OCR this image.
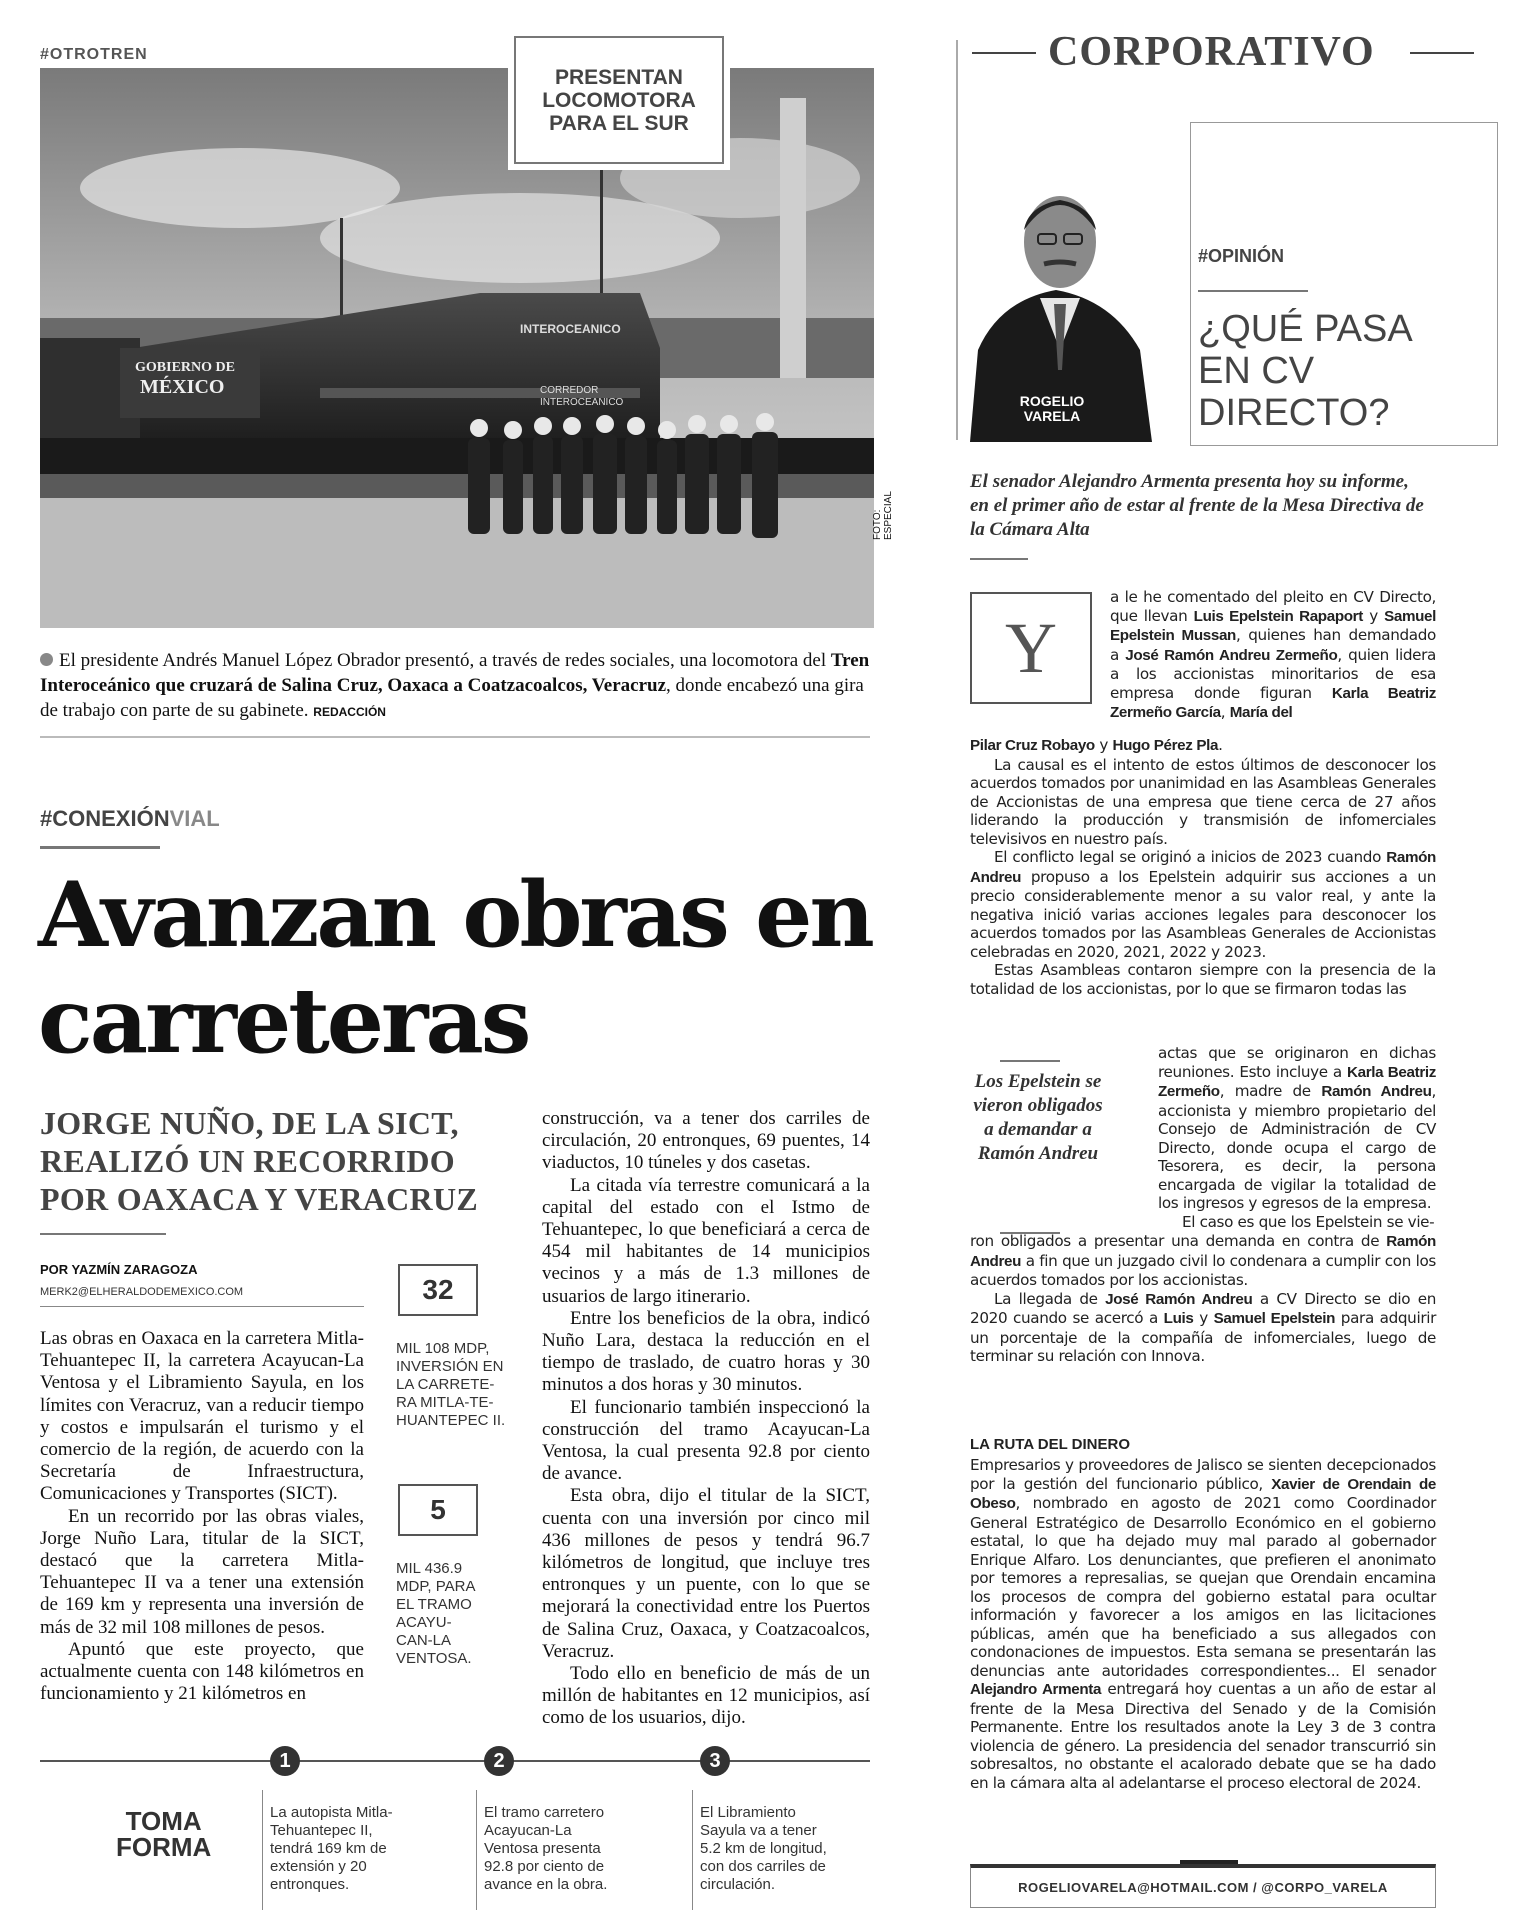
#OTROTREN
GOBIERNO DE
MÉXICO
INTEROCEANICO
CORREDOR
INTEROCEANICO
PRESENTAN
LOCOMOTORA
PARA EL SUR
FOTO: ESPECIAL
El presidente Andrés Manuel López Obrador presentó, a través de redes sociales, una locomotora del Tren Interoceánico que cruzará de Salina Cruz, Oaxaca a Coatzacoalcos, Veracruz, donde encabezó una gira de trabajo con parte de su gabinete. REDACCIÓN
#CONEXIÓNVIAL
Avanzan obras en carreteras
JORGE NUÑO, DE LA SICT, REALIZÓ UN RECORRIDO POR OAXACA Y VERACRUZ
POR YAZMÍN ZARAGOZA
MERK2@ELHERALDODEMEXICO.COM

Las obras en Oaxaca en la carretera Mitla-Tehuantepec II, la carretera Acayucan-La Ventosa y el Libramiento Sayula, en los límites con Veracruz, van a reducir tiempo y costos e impulsarán el turismo y el comercio de la región, de acuerdo con la Secretaría de Infraestructura, Comunicaciones y Transportes (SICT).

En un recorrido por las obras viales, Jorge Nuño Lara, titular de la SICT, destacó que la carretera Mitla-Tehuantepec II va a tener una extensión de 169 km y representa una inversión de más de 32 mil 108 millones de pesos.

Apuntó que este proyecto, que actualmente cuenta con 148 kilómetros en funcionamiento y 21 kilómetros en

32
MIL 108 MDP,
INVERSIÓN EN
LA CARRETE-
RA MITLA-TE-
HUANTEPEC II.
5
MIL 436.9
MDP, PARA
EL TRAMO
ACAYU-
CAN-LA
VENTOSA.

construcción, va a tener dos carriles de circulación, 20 entronques, 69 puentes, 14 viaductos, 10 túneles y dos casetas.

La citada vía terrestre comunicará a la capital del estado con el Istmo de Tehuantepec, lo que beneficiará a cerca de 454 mil habitantes de 14 municipios vecinos y a más de 1.3 millones de usuarios de largo itinerario.

Entre los beneficios de la obra, indicó Nuño Lara, destaca la reducción en el tiempo de traslado, de cuatro horas y 30 minutos a dos horas y 30 minutos.

El funcionario también inspeccionó la construcción del tramo Acayucan-La Ventosa, la cual presenta 92.8 por ciento de avance.

Esta obra, dijo el titular de la SICT, cuenta con una inversión por cinco mil 436 millones de pesos y tendrá 96.7 kilómetros de longitud, que incluye tres entronques y un puente, con lo que se mejorará la conectividad entre los Puertos de Salina Cruz, Oaxaca, y Coatzacoalcos, Veracruz.

Todo ello en beneficio de más de un millón de habitantes en 12 municipios, así como de los usuarios, dijo.

TOMA
FORMA
1
La autopista Mitla-Tehuantepec II, tendrá 169 km de extensión y 20 entronques.
2
El tramo carretero Acayucan-La Ventosa presenta 92.8 por ciento de avance en la obra.
3
El Libramiento Sayula va a tener 5.2 km de longitud, con dos carriles de circulación.
CORPORATIVO
ROGELIO
VARELA
#OPINIÓN
¿QUÉ PASA
EN CV
DIRECTO?
El senador Alejandro Armenta presenta hoy su informe, en el primer año de estar al frente de la Mesa Directiva de la Cámara Alta
Y

a le he comentado del pleito en CV Directo, que llevan Luis Epelstein Rapaport y Samuel Epelstein Mussan, quienes han demandado a José Ramón Andreu Zermeño, quien lidera a los accionistas minoritarios de esa empresa donde figuran Karla Beatriz Zermeño García, María del

Pilar Cruz Robayo y Hugo Pérez Pla.

La causal es el intento de estos últimos de desconocer los acuerdos tomados por unanimidad en las Asambleas Generales de Accionistas de una empresa que tiene cerca de 27 años liderando la producción y transmisión de infomerciales televisivos en nuestro país.

El conflicto legal se originó a inicios de 2023 cuando Ramón Andreu propuso a los Epelstein adquirir sus acciones a un precio considerablemente menor a su valor real, y ante la negativa inició varias acciones legales para desconocer los acuerdos tomados por las Asambleas Generales de Accionistas celebradas en 2020, 2021, 2022 y 2023.

Estas Asambleas contaron siempre con la presencia de la totalidad de los accionistas, por lo que se firmaron todas las

Los Epelstein se vieron obligados a demandar a Ramón Andreu

actas que se originaron en dichas reuniones. Esto incluye a Karla Beatriz Zermeño, madre de Ramón Andreu, accionista y miembro propietario del Consejo de Administración de CV Directo, donde ocupa el cargo de Tesorera, es decir, la persona encargada de vigilar la totalidad de los ingresos y egresos de la empresa.

El caso es que los Epelstein se vie-

ron obligados a presentar una demanda en contra de Ramón Andreu a fin que un juzgado civil lo condenara a cumplir con los acuerdos tomados por los accionistas.

La llegada de José Ramón Andreu a CV Directo se dio en 2020 cuando se acercó a Luis y Samuel Epelstein para adquirir un porcentaje de la compañía de infomerciales, luego de terminar su relación con Innova.

LA RUTA DEL DINERO

Empresarios y proveedores de Jalisco se sienten decepcionados por la gestión del funcionario público, Xavier de Orendain de Obeso, nombrado en agosto de 2021 como Coordinador General Estratégico de Desarrollo Económico en el gobierno estatal, lo que ha dejado muy mal parado al gobernador Enrique Alfaro. Los denunciantes, que prefieren el anonimato por temores a represalias, se quejan que Orendain encamina los procesos de compra del gobierno estatal para ocultar información y favorecer a los amigos en las licitaciones públicas, amén que ha beneficiado a sus allegados con condonaciones de impuestos. Esta semana se presentarán las denuncias ante autoridades correspondientes... El senador Alejandro Armenta entregará hoy cuentas a un año de estar al frente de la Mesa Directiva del Senado y de la Comisión Permanente. Entre los resultados anote la Ley 3 de 3 contra violencia de género. La presidencia del senador transcurrió sin sobresaltos, no obstante el acalorado debate que se ha dado en la cámara alta al adelantarse el proceso electoral de 2024.

ROGELIOVARELA@HOTMAIL.COM / @CORPO_VARELA
